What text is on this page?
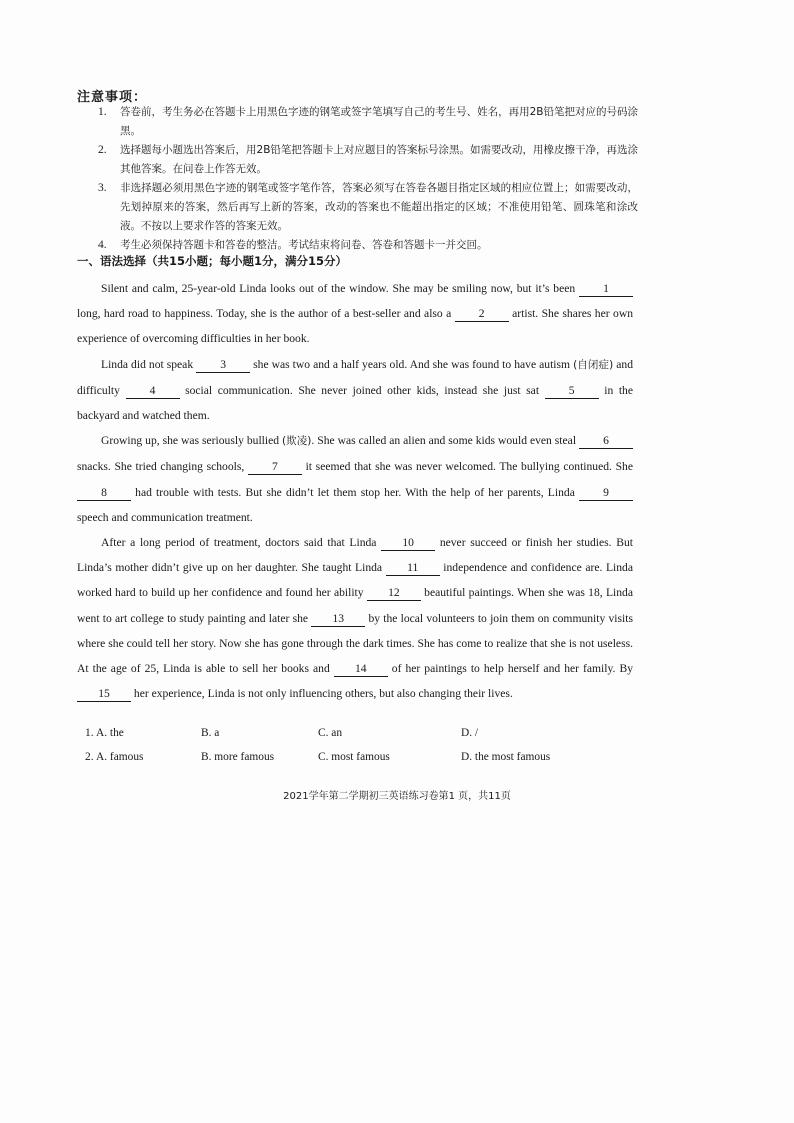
注意事项：
1. 答卷前，考生务必在答题卡上用黑色字迹的钢笔或签字笔填写自己的考生号、姓名，再用2B铅笔把对应的号码涂黑。
2. 选择题每小题选出答案后，用2B铅笔把答题卡上对应题目的答案标号涂黑。如需要改动，用橡皮擦干净，再选涂其他答案。在问卷上作答无效。
3. 非选择题必须用黑色字迹的钢笔或签字笔作答，答案必须写在答卷各题目指定区域的相应位置上；如需要改动，先划掉原来的答案，然后再写上新的答案，改动的答案也不能超出指定的区域；不准使用铅笔、圆珠笔和涂改液。不按以上要求作答的答案无效。
4. 考生必须保持答题卡和答卷的整洁。考试结束将问卷、答卷和答题卡一并交回。
一、语法选择（共15小题；每小题1分，满分15分）

Silent and calm, 25-year-old Linda looks out of the window. She may be smiling now, but it’s been 1 long, hard road to happiness. Today, she is the author of a best-seller and also a 2 artist. She shares her own experience of overcoming difficulties in her book.

Linda did not speak 3 she was two and a half years old. And she was found to have autism (自闭症) and difficulty 4 social communication. She never joined other kids, instead she just sat 5 in the backyard and watched them.

Growing up, she was seriously bullied (欺凌). She was called an alien and some kids would even steal 6 snacks. She tried changing schools, 7 it seemed that she was never welcomed. The bullying continued. She 8 had trouble with tests. But she didn’t let them stop her. With the help of her parents, Linda 9 speech and communication treatment.

After a long period of treatment, doctors said that Linda 10 never succeed or finish her studies. But Linda’s mother didn’t give up on her daughter. She taught Linda 11 independence and confidence are. Linda worked hard to build up her confidence and found her ability 12 beautiful paintings. When she was 18, Linda went to art college to study painting and later she 13 by the local volunteers to join them on community visits where she could tell her story. Now she has gone through the dark times. She has come to realize that she is not useless. At the age of 25, Linda is able to sell her books and 14 of her paintings to help herself and her family. By 15 her experience, Linda is not only influencing others, but also changing their lives.

1. A. the	B. a	C. an	D. /
2. A. famous	B. more famous	C. most famous	D. the most famous
2021学年第二学期初三英语练习卷第1 页，共11页
